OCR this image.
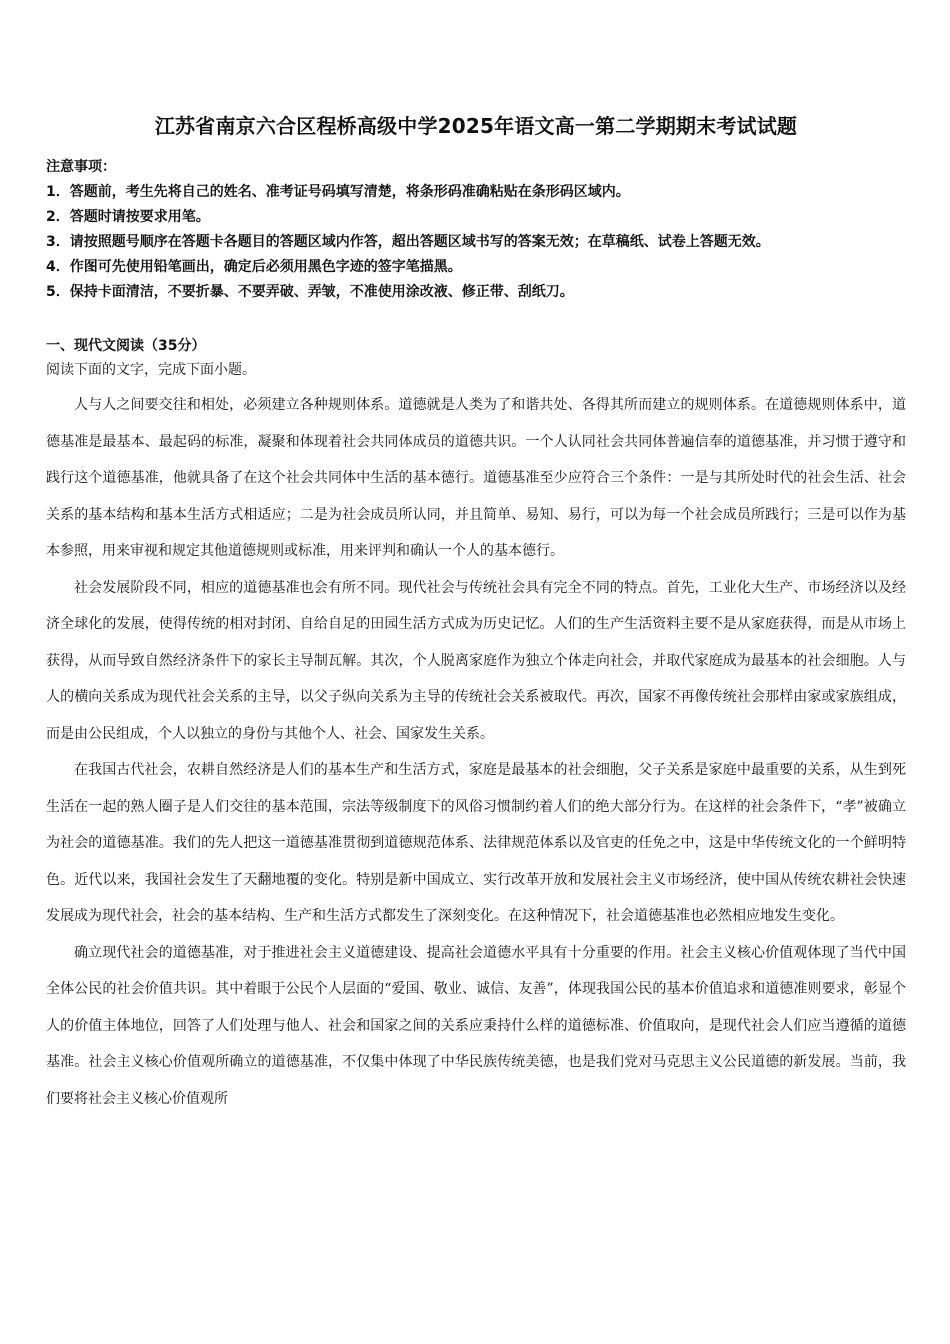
江苏省南京六合区程桥高级中学2025年语文高一第二学期期末考试试题

注意事项：

1．答题前，考生先将自己的姓名、准考证号码填写清楚，将条形码准确粘贴在条形码区域内。
2．答题时请按要求用笔。
3．请按照题号顺序在答题卡各题目的答题区域内作答，超出答题区域书写的答案无效；在草稿纸、试卷上答题无效。
4．作图可先使用铅笔画出，确定后必须用黑色字迹的签字笔描黑。
5．保持卡面清洁，不要折暴、不要弄破、弄皱，不准使用涂改液、修正带、刮纸刀。
一、现代文阅读（35分）
阅读下面的文字，完成下面小题。

人与人之间要交往和相处，必须建立各种规则体系。道德就是人类为了和谐共处、各得其所而建立的规则体系。在道德规则体系中，道德基准是最基本、最起码的标准，凝聚和体现着社会共同体成员的道德共识。一个人认同社会共同体普遍信奉的道德基准，并习惯于遵守和践行这个道德基准，他就具备了在这个社会共同体中生活的基本德行。道德基准至少应符合三个条件：一是与其所处时代的社会生活、社会关系的基本结构和基本生活方式相适应；二是为社会成员所认同，并且简单、易知、易行，可以为每一个社会成员所践行；三是可以作为基本参照，用来审视和规定其他道德规则或标准，用来评判和确认一个人的基本德行。

社会发展阶段不同，相应的道德基准也会有所不同。现代社会与传统社会具有完全不同的特点。首先，工业化大生产、市场经济以及经济全球化的发展，使得传统的相对封闭、自给自足的田园生活方式成为历史记忆。人们的生产生活资料主要不是从家庭获得，而是从市场上获得，从而导致自然经济条件下的家长主导制瓦解。其次，个人脱离家庭作为独立个体走向社会，并取代家庭成为最基本的社会细胞。人与人的横向关系成为现代社会关系的主导，以父子纵向关系为主导的传统社会关系被取代。再次，国家不再像传统社会那样由家或家族组成，而是由公民组成，个人以独立的身份与其他个人、社会、国家发生关系。

在我国古代社会，农耕自然经济是人们的基本生产和生活方式，家庭是最基本的社会细胞，父子关系是家庭中最重要的关系，从生到死生活在一起的熟人圈子是人们交往的基本范围，宗法等级制度下的风俗习惯制约着人们的绝大部分行为。在这样的社会条件下，“孝”被确立为社会的道德基准。我们的先人把这一道德基准贯彻到道德规范体系、法律规范体系以及官吏的任免之中，这是中华传统文化的一个鲜明特色。近代以来，我国社会发生了天翻地覆的变化。特别是新中国成立、实行改革开放和发展社会主义市场经济，使中国从传统农耕社会快速发展成为现代社会，社会的基本结构、生产和生活方式都发生了深刻变化。在这种情况下，社会道德基准也必然相应地发生变化。

确立现代社会的道德基准，对于推进社会主义道德建设、提高社会道德水平具有十分重要的作用。社会主义核心价值观体现了当代中国全体公民的社会价值共识。其中着眼于公民个人层面的“爱国、敬业、诚信、友善”，体现我国公民的基本价值追求和道德准则要求，彰显个人的价值主体地位，回答了人们处理与他人、社会和国家之间的关系应秉持什么样的道德标准、价值取向，是现代社会人们应当遵循的道德基准。社会主义核心价值观所确立的道德基准，不仅集中体现了中华民族传统美德，也是我们党对马克思主义公民道德的新发展。当前，我们要将社会主义核心价值观所
